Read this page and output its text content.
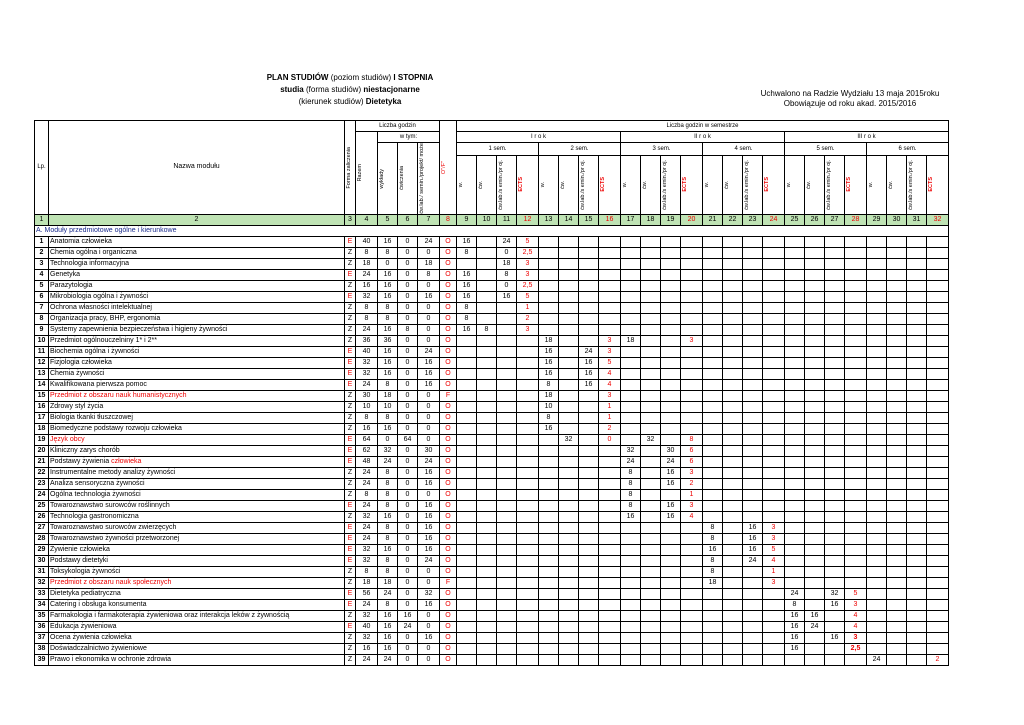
PLAN STUDIÓW (poziom studiów) I STOPNIA
studia (forma studiów) niestacjonarne
(kierunek studiów) Dietetyka
Uchwalono na Radzie Wydziału 13 maja 2015roku
Obowiązuje od roku akad. 2015/2016
Lp.	Nazwa modułu	Forma zaliczenia	Liczba godzin				O"/F"	Liczba godzin w semestrze																							

			Razem	w tym:				I r o k								II r o k								III r o k							

				wykłady	ćwiczenia	ćw.lab./ semin./projekt/ może		1 sem.				2 sem.				3 sem.				4 sem.				5 sem.				6 sem.			

								w.	ćw.	ćw.lab./s emin./pr oj.	ECTS	w.	ćw.	ćw.lab./s emin./pr oj.	ECTS	w.	ćw.	ćw.lab./s emin./pr oj.	ECTS	w.	ćw.	ćw.lab./s emin./pr oj.	ECTS	w.	ćw.	ćw.lab./s emin./pr oj.	ECTS	w.	ćw.	ćw.lab./s emin./pr oj.	ECTS

1	2	3	4	5	6	7	8	9	10	11	12	13	14	15	16	17	18	19	20	21	22	23	24	25	26	27	28	29	30	31	32
A. Moduły przedmiotowe ogólne i kierunkowe																															
1	Anatomia człowieka	E	40	16	0	24	O	16		24	5																				
2	Chemia ogólna i organiczna	Z	8	8	0	0	O	8		0	2,5																				
3	Technologia informacyjna	Z	18	0	0	18	O			18	3																				
4	Genetyka	E	24	16	0	8	O	16		8	3																				
5	Parazytologia	Z	16	16	0	0	O	16		0	2,5																				
6	Mikrobiologia ogólna i żywności	E	32	16	0	16	O	16		16	5																				
7	Ochrona własności intelektualnej	Z	8	8	0	0	O	8			1																				
8	Organizacja pracy, BHP, ergonomia	Z	8	8	0	0	O	8			2																				
9	Systemy zapewnienia bezpieczeństwa i higieny żywności	Z	24	16	8	0	O	16	8		3																				
10	Przedmiot ogólnouczelniny 1* i 2**	Z	36	36	0	0	O					18			3	18			3												
11	Biochemia ogólna i żywności	E	40	16	0	24	O					16		24	3																
12	Fizjologia człowieka	E	32	16	0	16	O					16		16	5																
13	Chemia żywności	E	32	16	0	16	O					16		16	4																
14	Kwalifikowana pierwsza pomoc	E	24	8	0	16	O					8		16	4																
15	Przedmiot z obszaru nauk humanistycznych	Z	30	18	0	0	F					18			3																
16	Zdrowy styl życia	Z	10	10	0	0	O					10			1																
17	Biologia tkanki tłuszczowej	Z	8	8	0	0	O					8			1																
18	Biomedyczne podstawy rozwoju człowieka	Z	16	16	0	0	O					16			2																
19	Język obcy	E	64	0	64	0	O						32		0		32		8												
20	Kliniczny zarys chorób	E	62	32	0	30	O									32		30	6												
21	Podstawy żywienia człowieka	E	48	24	0	24	O									24		24	6												
22	Instrumentalne metody analizy żywności	Z	24	8	0	16	O									8		16	3												
23	Analiza sensoryczna żywności	Z	24	8	0	16	O									8		16	2												
24	Ogólna technologia żywności	Z	8	8	0	0	O									8			1												
25	Towaroznawstwo surowców roślinnych	E	24	8	0	16	O									8		16	3												
26	Technologia gastronomiczna	Z	32	16	0	16	O									16		16	4												
27	Towaroznawstwo surowców zwierzęcych	E	24	8	0	16	O													8		16	3								
28	Towaroznawstwo żywności przetworzonej	E	24	8	0	16	O													8		16	3								
29	Żywienie człowieka	E	32	16	0	16	O													16		16	5								
30	Podstawy dietetyki	E	32	8	0	24	O													8		24	4								
31	Toksykologia żywności	Z	8	8	0	0	O													8			1								
32	Przedmiot z obszaru nauk społecznych	Z	18	18	0	0	F													18			3								
33	Dietetyka pediatryczna	E	56	24	0	32	O																	24		32	5				
34	Catering i obsługa konsumenta	E	24	8	0	16	O																	8		16	3				
35	Farmakologia i farmakoterapia żywieniowa oraz interakcja leków z żywnością	Z	32	16	16	0	O																	16	16		4				
36	Edukacja żywieniowa	E	40	16	24	0	O																	16	24		4				
37	Ocena żywienia człowieka	Z	32	16	0	16	O																	16		16	3				
38	Doświadczalnictwo żywieniowe	Z	16	16	0	0	O																	16			2,5				
39	Prawo i ekonomika w ochronie zdrowia	Z	24	24	0	0	O																					24			2
